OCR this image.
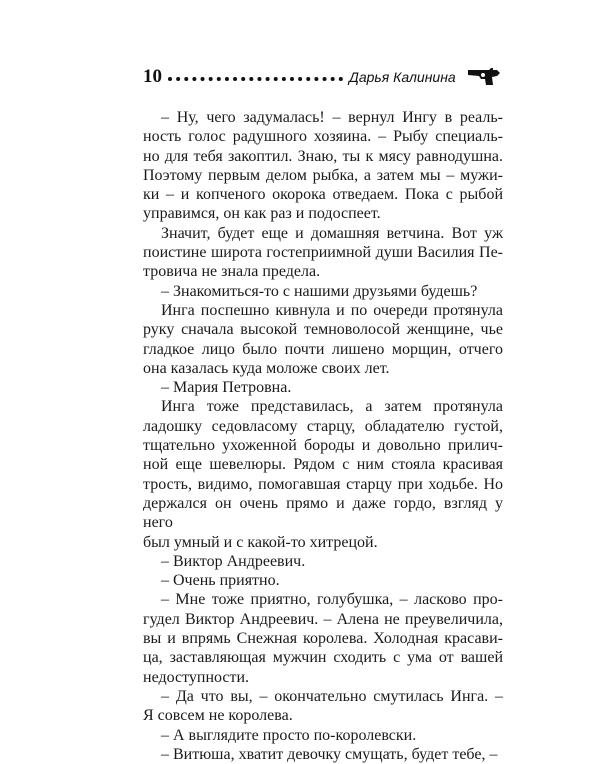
10	Дарья Калинина
– Ну, чего задумалась! – вернул Ингу в реаль-
ность голос радушного хозяина. – Рыбу специаль-
но для тебя закоптил. Знаю, ты к мясу равнодушна.
Поэтому первым делом рыбка, а затем мы – мужи-
ки – и копченого окорока отведаем. Пока с рыбой
управимся, он как раз и подоспеет.
Значит, будет еще и домашняя ветчина. Вот уж
поистине широта гостеприимной души Василия Пе-
тровича не знала предела.
– Знакомиться-то с нашими друзьями будешь?
Инга поспешно кивнула и по очереди протянула
руку сначала высокой темноволосой женщине, чье
гладкое лицо было почти лишено морщин, отчего
она казалась куда моложе своих лет.
– Мария Петровна.
Инга тоже представилась, а затем протянула
ладошку седовласому старцу, обладателю густой,
тщательно ухоженной бороды и довольно прилич-
ной еще шевелюры. Рядом с ним стояла красивая
трость, видимо, помогавшая старцу при ходьбе. Но
держался он очень прямо и даже гордо, взгляд у него
был умный и с какой-то хитрецой.
– Виктор Андреевич.
– Очень приятно.
– Мне тоже приятно, голубушка, – ласково про-
гудел Виктор Андреевич. – Алена не преувеличила,
вы и впрямь Снежная королева. Холодная красави-
ца, заставляющая мужчин сходить с ума от вашей
недоступности.
– Да что вы, – окончательно смутилась Инга. –
Я совсем не королева.
– А выглядите просто по-королевски.
– Витюша, хватит девочку смущать, будет тебе, –
